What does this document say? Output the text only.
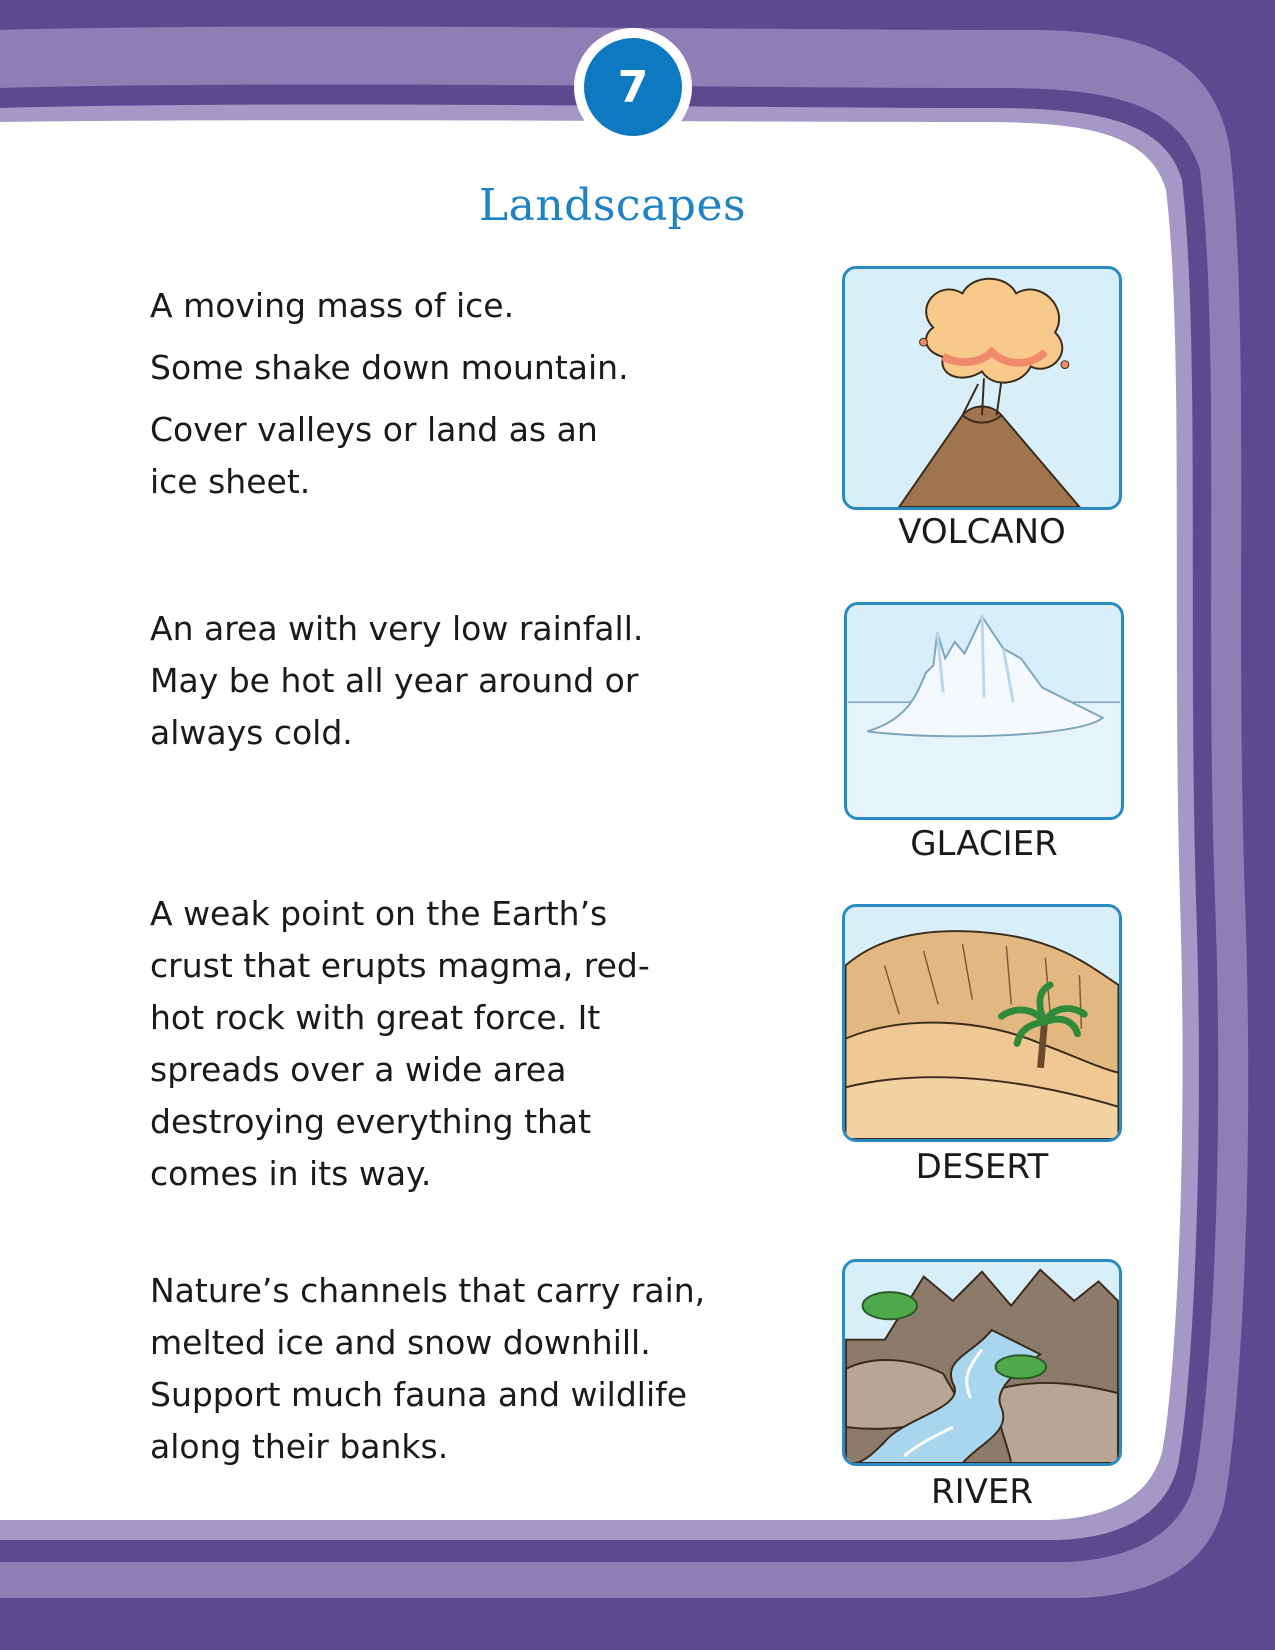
7
Landscapes

A moving mass of ice.

Some shake down mountain.

Cover valleys or land as an ice sheet.

An area with very low rainfall. May be hot all year around or always cold.

A weak point on the Earth’s crust that erupts magma, red-hot rock with great force. It spreads over a wide area destroying everything that comes in its way.

Nature’s channels that carry rain, melted ice and snow downhill. Support much fauna and wildlife along their banks.

VOLCANO
GLACIER
DESERT
RIVER
